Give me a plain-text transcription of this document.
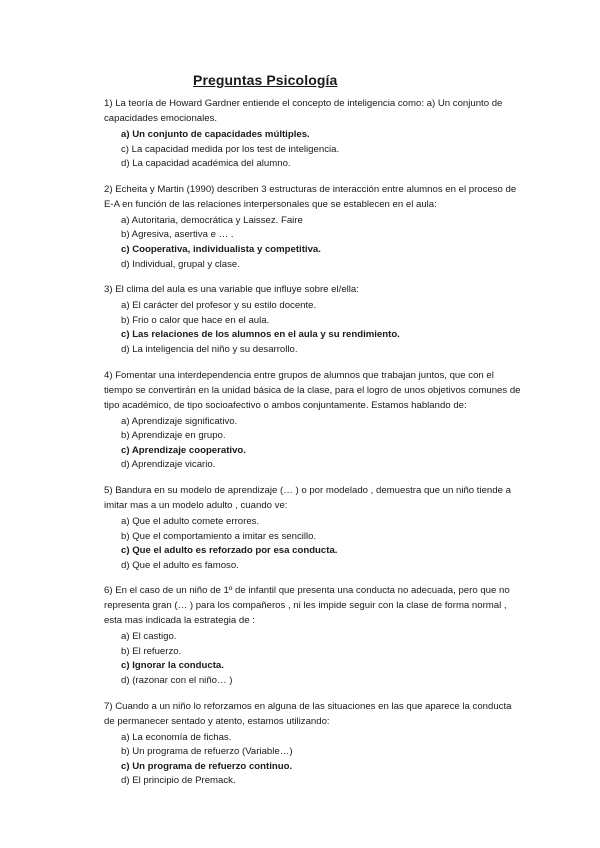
Preguntas Psicología

1) La teoría de Howard Gardner entiende el concepto de inteligencia como: a) Un conjunto de capacidades emocionales.

a) Un conjunto de capacidades múltiples.
c) La capacidad medida por los test de inteligencia.
d) La capacidad académica del alumno.

2) Echeita y Martin (1990) describen 3 estructuras de interacción entre alumnos en el proceso de E-A en función de las relaciones interpersonales que se establecen en el aula:

a) Autoritaria, democrática y Laissez. Faire
b) Agresiva, asertiva e … .
c) Cooperativa, individualista y competitiva.
d) Individual, grupal y clase.

3) El clima del aula es una variable que influye sobre el/ella:

a) El carácter del profesor y su estilo docente.
b) Frio o calor que hace en el aula.
c) Las relaciones de los alumnos en el aula y su rendimiento.
d) La inteligencia del niño y su desarrollo.

4) Fomentar una interdependencia entre grupos de alumnos que trabajan juntos, que con el tiempo se convertirán en la unidad básica de la clase, para el logro de unos objetivos comunes de tipo académico, de tipo socioafectivo o ambos conjuntamente. Estamos hablando de:

a) Aprendizaje significativo.
b) Aprendizaje en grupo.
c) Aprendizaje cooperativo.
d) Aprendizaje vicario.

5) Bandura en su modelo de aprendizaje (… ) o por modelado , demuestra que un niño tiende a imitar mas a un modelo adulto , cuando ve:

a) Que el adulto comete errores.
b) Que el comportamiento a imitar es sencillo.
c) Que el adulto es reforzado por esa conducta.
d) Que el adulto es famoso.

6) En el caso de un niño de 1º de infantil que presenta una conducta no adecuada, pero que no representa gran (… ) para los compañeros , ni les impide seguir con la clase de forma normal , esta mas indicada la estrategia de :

a) El castigo.
b) El refuerzo.
c) Ignorar la conducta.
d) (razonar con el niño… )

7) Cuando a un niño lo reforzamos en alguna de las situaciones en las que aparece la conducta de permanecer sentado y atento, estamos utilizando:

a) La economía de fichas.
b) Un programa de refuerzo (Variable…)
c) Un programa de refuerzo continuo.
d) El principio de Premack.
